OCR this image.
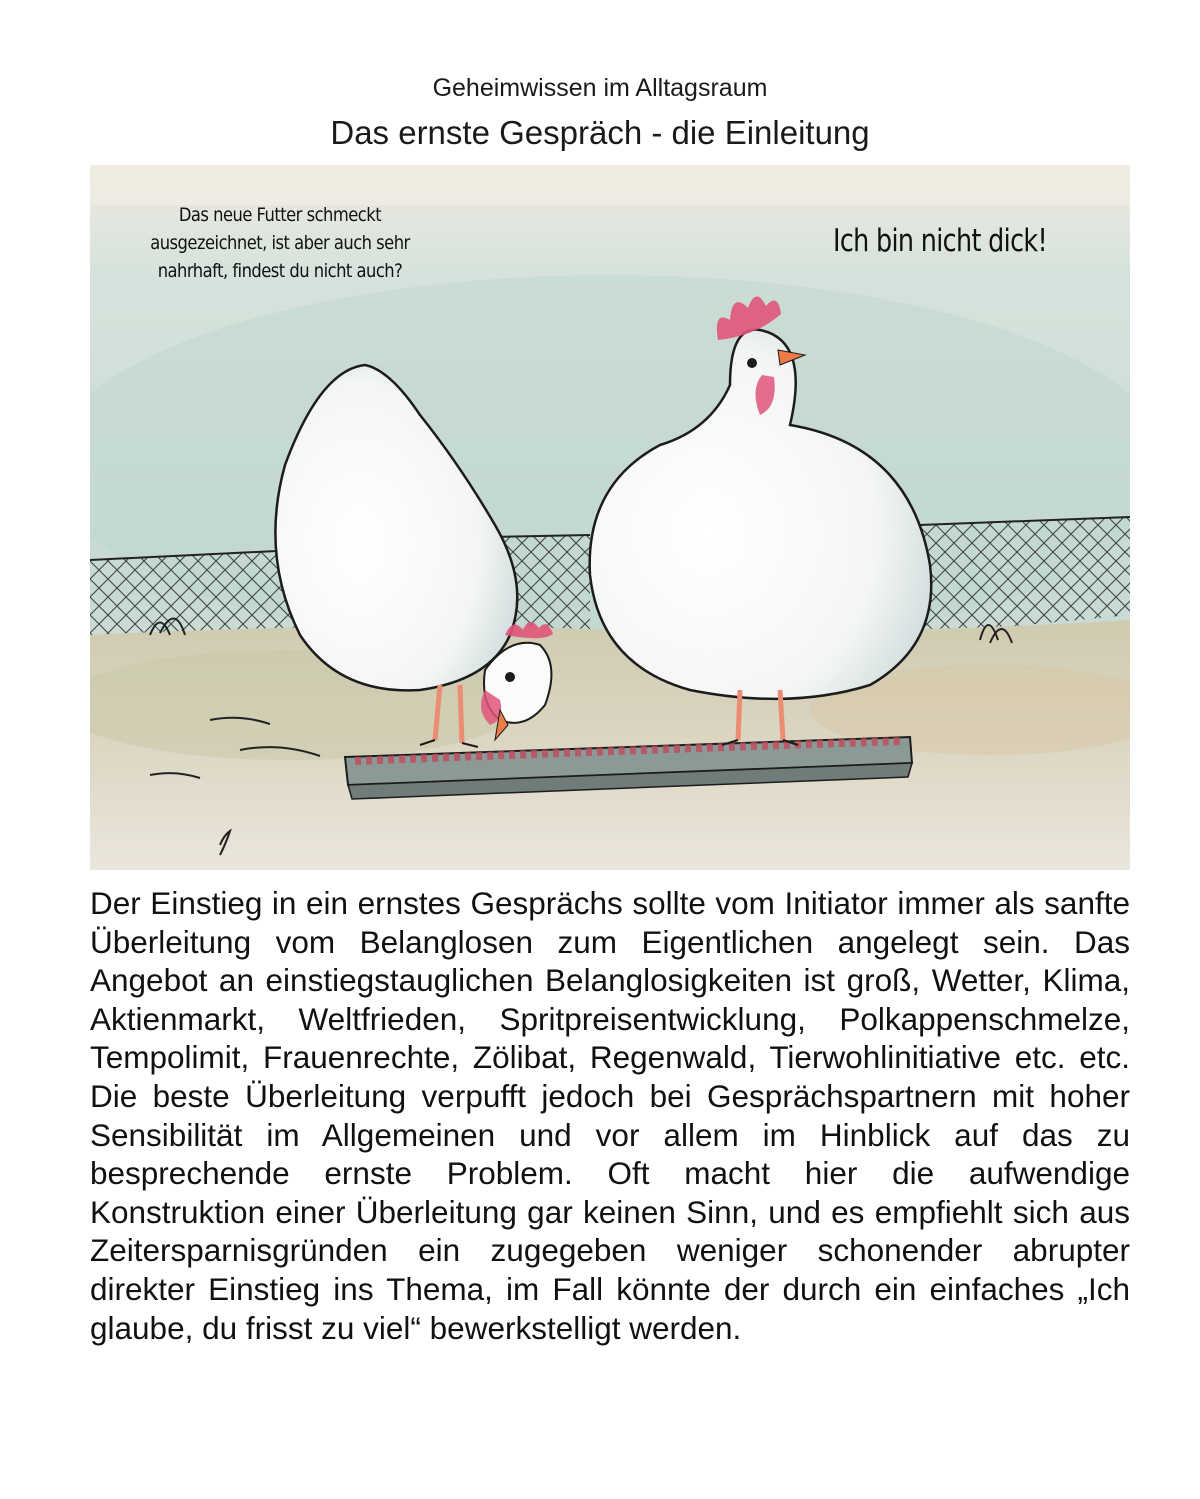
Geheimwissen im Alltagsraum
Das ernste Gespräch - die Einleitung
Das neue Futter schmeckt ausgezeichnet, ist aber auch sehr nahrhaft, findest du nicht auch?
Ich bin nicht dick!
Der Einstieg in ein ernstes Gesprächs sollte vom Initiator immer als sanfte Überleitung vom Belanglosen zum Eigentlichen angelegt sein. Das Angebot an einstiegstauglichen Belanglosigkeiten ist groß, Wetter, Klima, Aktienmarkt, Weltfrieden, Spritpreisentwicklung, Polkappenschmelze, Tempolimit, Frauenrechte, Zölibat, Regenwald, Tierwohlinitiative etc. etc. Die beste Überleitung verpufft jedoch bei Gesprächspartnern mit hoher Sensibilität im Allgemeinen und vor allem im Hinblick auf das zu besprechende ernste Problem. Oft macht hier die aufwendige Konstruktion einer Überleitung gar keinen Sinn, und es empfiehlt sich aus Zeitersparnisgründen ein zugegeben weniger schonender abrupter direkter Einstieg ins Thema, im Fall könnte der durch ein einfaches „Ich glaube, du frisst zu viel“ bewerkstelligt werden.
